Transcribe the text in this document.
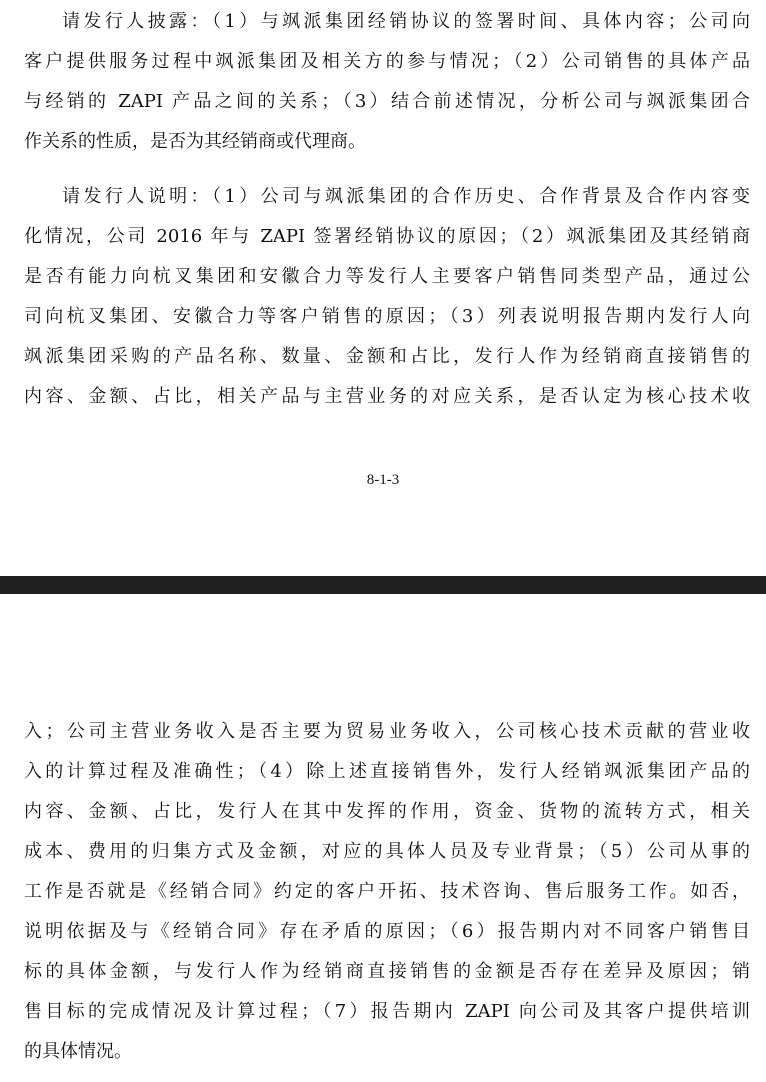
请发行人披露：（1）与飒派集团经销协议的签署时间、具体内容；公司向
客户提供服务过程中飒派集团及相关方的参与情况；（2）公司销售的具体产品
与经销的 ZAPI 产品之间的关系；（3）结合前述情况，分析公司与飒派集团合
作关系的性质，是否为其经销商或代理商。
请发行人说明：（1）公司与飒派集团的合作历史、合作背景及合作内容变
化情况，公司 2016 年与 ZAPI 签署经销协议的原因；（2）飒派集团及其经销商
是否有能力向杭叉集团和安徽合力等发行人主要客户销售同类型产品，通过公
司向杭叉集团、安徽合力等客户销售的原因；（3）列表说明报告期内发行人向
飒派集团采购的产品名称、数量、金额和占比，发行人作为经销商直接销售的
内容、金额、占比，相关产品与主营业务的对应关系，是否认定为核心技术收
8-1-3
入；公司主营业务收入是否主要为贸易业务收入，公司核心技术贡献的营业收
入的计算过程及准确性；（4）除上述直接销售外，发行人经销飒派集团产品的
内容、金额、占比，发行人在其中发挥的作用，资金、货物的流转方式，相关
成本、费用的归集方式及金额，对应的具体人员及专业背景；（5）公司从事的
工作是否就是《经销合同》约定的客户开拓、技术咨询、售后服务工作。如否，
说明依据及与《经销合同》存在矛盾的原因；（6）报告期内对不同客户销售目
标的具体金额，与发行人作为经销商直接销售的金额是否存在差异及原因；销
售目标的完成情况及计算过程；（7）报告期内 ZAPI 向公司及其客户提供培训
的具体情况。
